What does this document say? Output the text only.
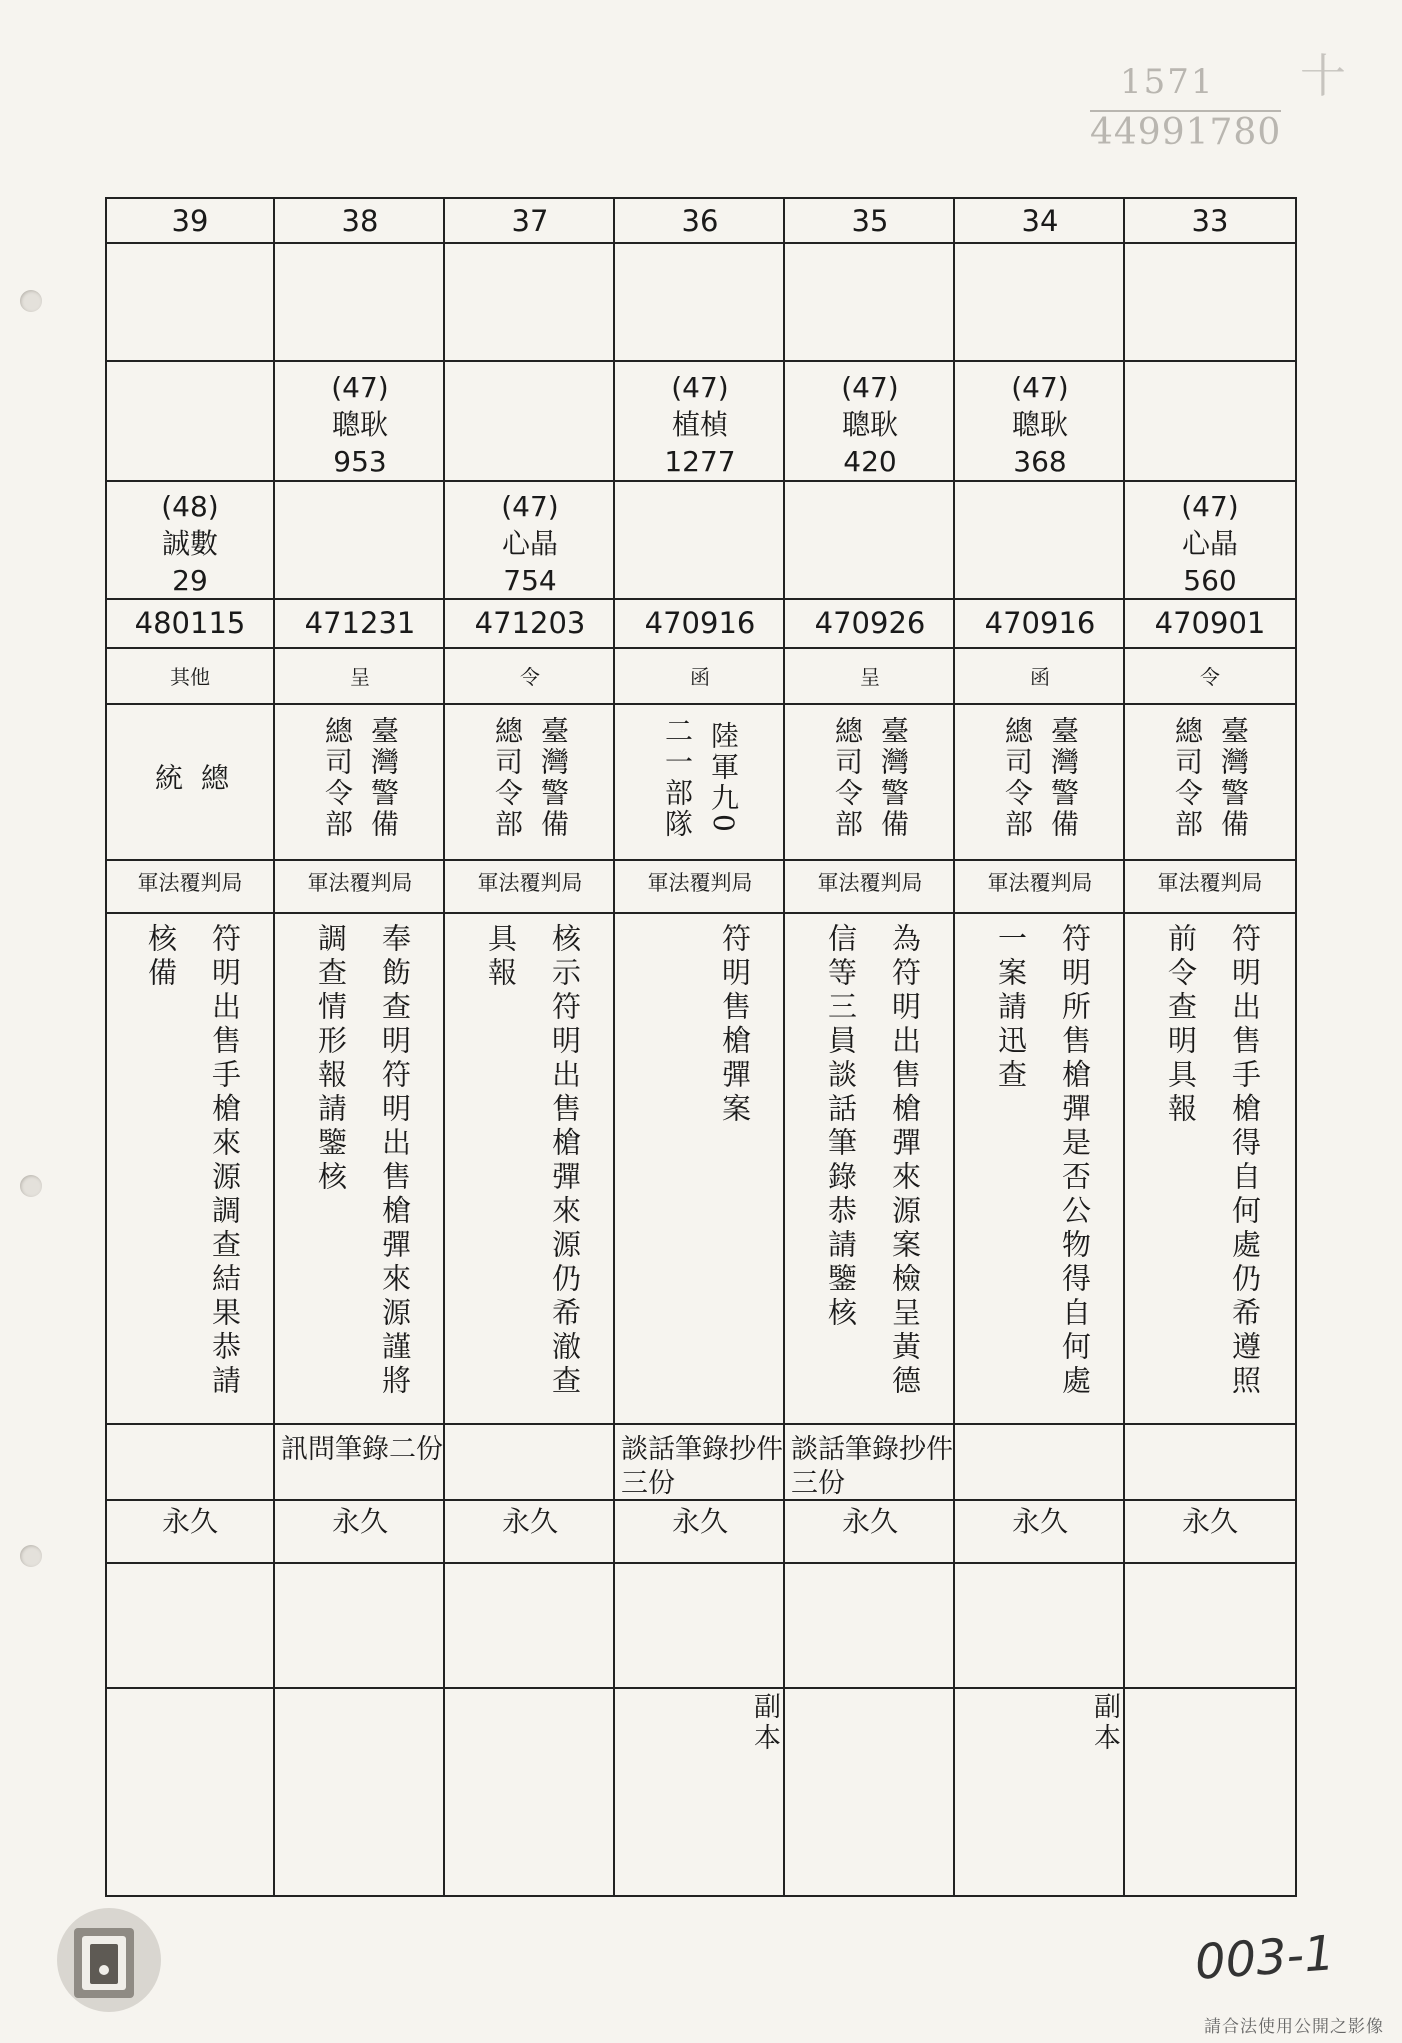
十
1571
44991780
39
(48)
誠數
29
480115
其他
總
統
軍法覆判局
符明出售手槍來源調查結果恭請核備
永久
38
(47)
聰耿
953
471231
呈
臺灣警備
總司令部
軍法覆判局
奉飭查明符明出售槍彈來源謹將調查情形報請鑒核
訊問筆錄二份
永久
37
(47)
心晶
754
471203
令
臺灣警備
總司令部
軍法覆判局
核示符明出售槍彈來源仍希澈查具報
永久
36
(47)
植楨
1277
470916
函
陸軍九0
二一部隊
軍法覆判局
符明售槍彈案
談話筆錄抄件三份
永久
副本
35
(47)
聰耿
420
470926
呈
臺灣警備
總司令部
軍法覆判局
為符明出售槍彈來源案檢呈黃德信等三員談話筆錄恭請鑒核
談話筆錄抄件三份
永久
34
(47)
聰耿
368
470916
函
臺灣警備
總司令部
軍法覆判局
符明所售槍彈是否公物得自何處一案請迅查
永久
副本
33
(47)
心晶
560
470901
令
臺灣警備
總司令部
軍法覆判局
符明出售手槍得自何處仍希遵照前令查明具報
永久
003-1
請合法使用公開之影像
